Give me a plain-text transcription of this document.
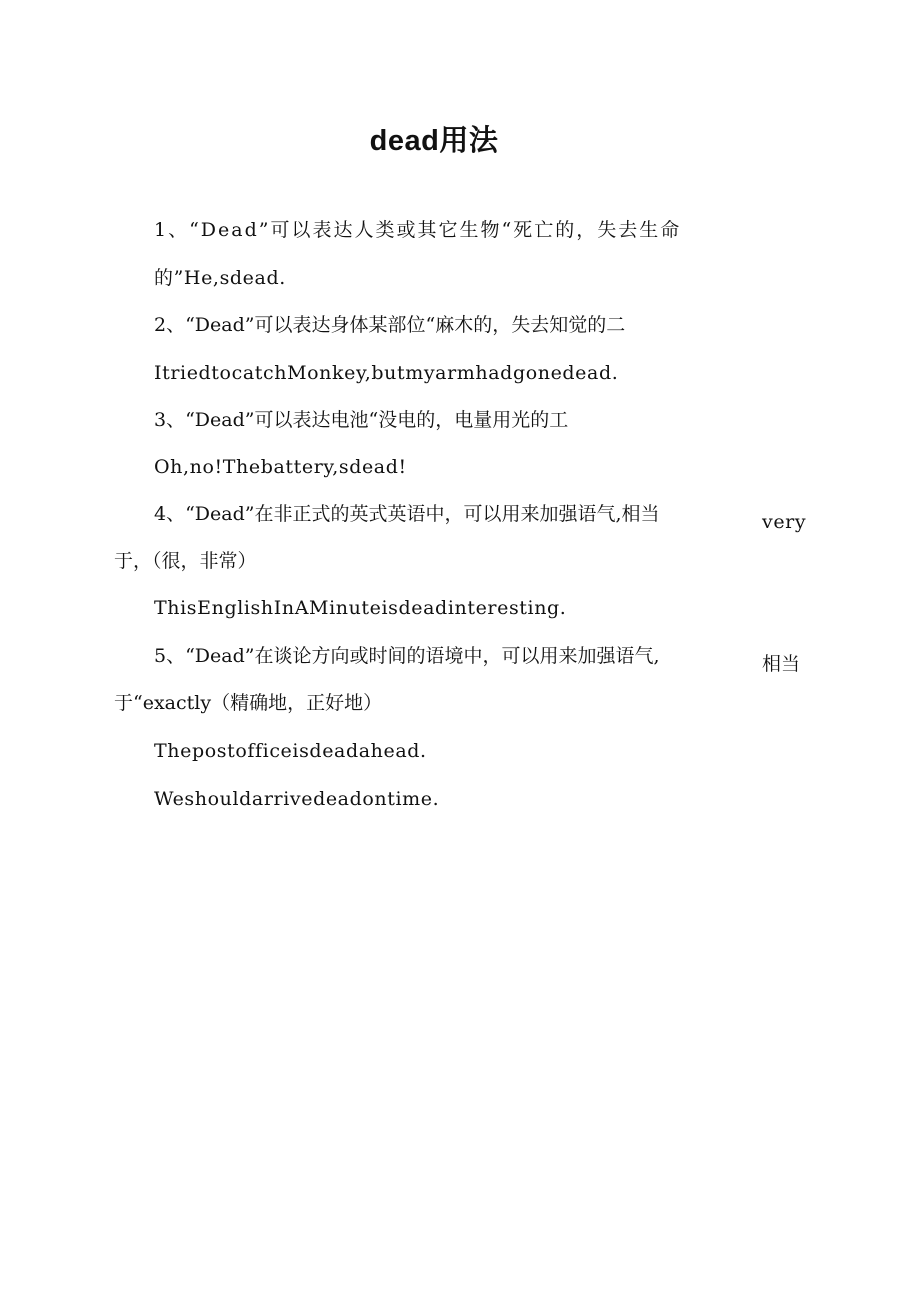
dead用法
1、“Dead”可以表达人类或其它生物“死亡的，失去生命
的”He,sdead.
2、“Dead”可以表达身体某部位“麻木的，失去知觉的二
ItriedtocatchMonkey,butmyarmhadgonedead.
3、“Dead”可以表达电池“没电的，电量用光的工
Oh,no!Thebattery,sdead!
4、“Dead”在非正式的英式英语中，可以用来加强语气,相当	very
于，（很，非常）
ThisEnglishInAMinuteisdeadinteresting.
5、“Dead”在谈论方向或时间的语境中，可以用来加强语气,	相当
于“exactly（精确地，正好地）
Thepostofficeisdeadahead.
Weshouldarrivedeadontime.
